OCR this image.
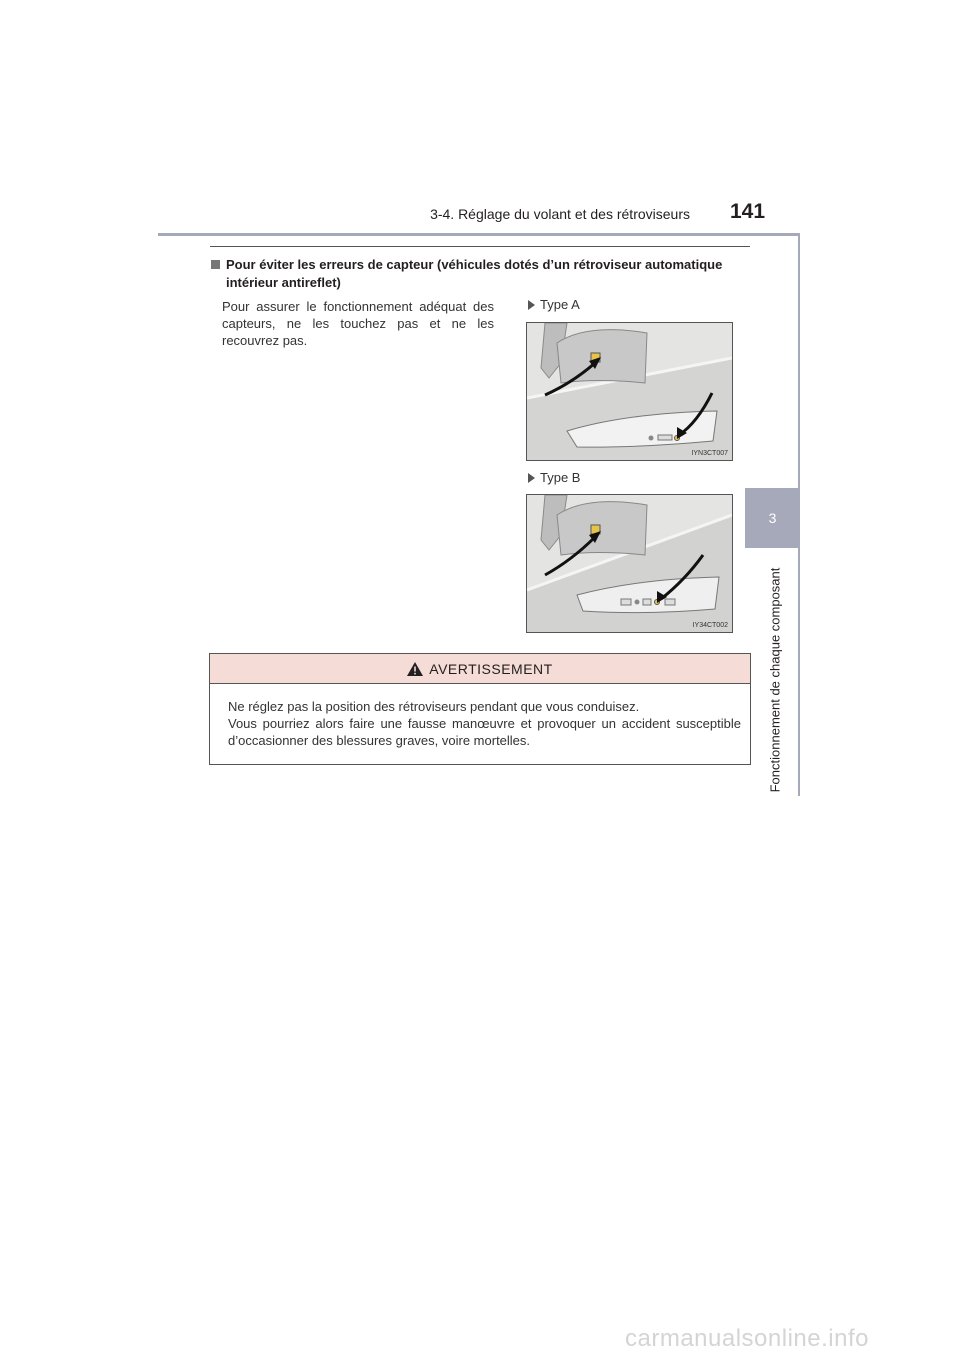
3-4. Réglage du volant et des rétroviseurs 141
3
Fonctionnement de chaque composant
Pour éviter les erreurs de capteur (véhicules dotés d’un rétroviseur automatique intérieur antireflet)
Pour assurer le fonctionnement adéquat des capteurs, ne les touchez pas et ne les recouvrez pas.
Type A
IYN3CT007
Type B
IY34CT002
AVERTISSEMENT
Ne réglez pas la position des rétroviseurs pendant que vous conduisez.
Vous pourriez alors faire une fausse manœuvre et provoquer un accident susceptible d’occasionner des blessures graves, voire mortelles.
carmanualsonline.info
